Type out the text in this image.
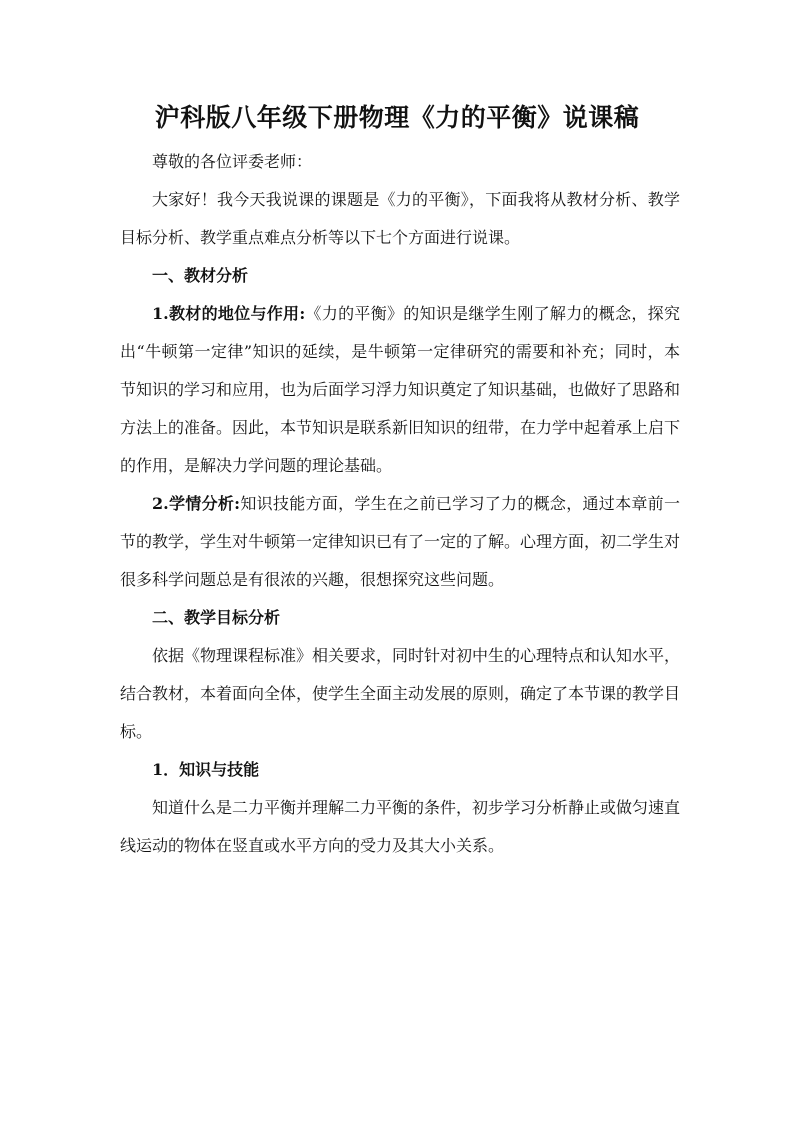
沪科版八年级下册物理《力的平衡》说课稿

尊敬的各位评委老师：

大家好！我今天我说课的课题是《力的平衡》，下面我将从教材分析、教学目标分析、教学重点难点分析等以下七个方面进行说课。

一、教材分析

1.教材的地位与作用:《力的平衡》的知识是继学生刚了解力的概念，探究出“牛顿第一定律”知识的延续，是牛顿第一定律研究的需要和补充；同时，本节知识的学习和应用，也为后面学习浮力知识奠定了知识基础，也做好了思路和方法上的准备。因此，本节知识是联系新旧知识的纽带，在力学中起着承上启下的作用，是解决力学问题的理论基础。

2.学情分析:知识技能方面，学生在之前已学习了力的概念，通过本章前一节的教学，学生对牛顿第一定律知识已有了一定的了解。心理方面，初二学生对很多科学问题总是有很浓的兴趣，很想探究这些问题。

二、教学目标分析

依据《物理课程标准》相关要求，同时针对初中生的心理特点和认知水平，结合教材，本着面向全体，使学生全面主动发展的原则，确定了本节课的教学目标。

1．知识与技能

知道什么是二力平衡并理解二力平衡的条件，初步学习分析静止或做匀速直线运动的物体在竖直或水平方向的受力及其大小关系。
